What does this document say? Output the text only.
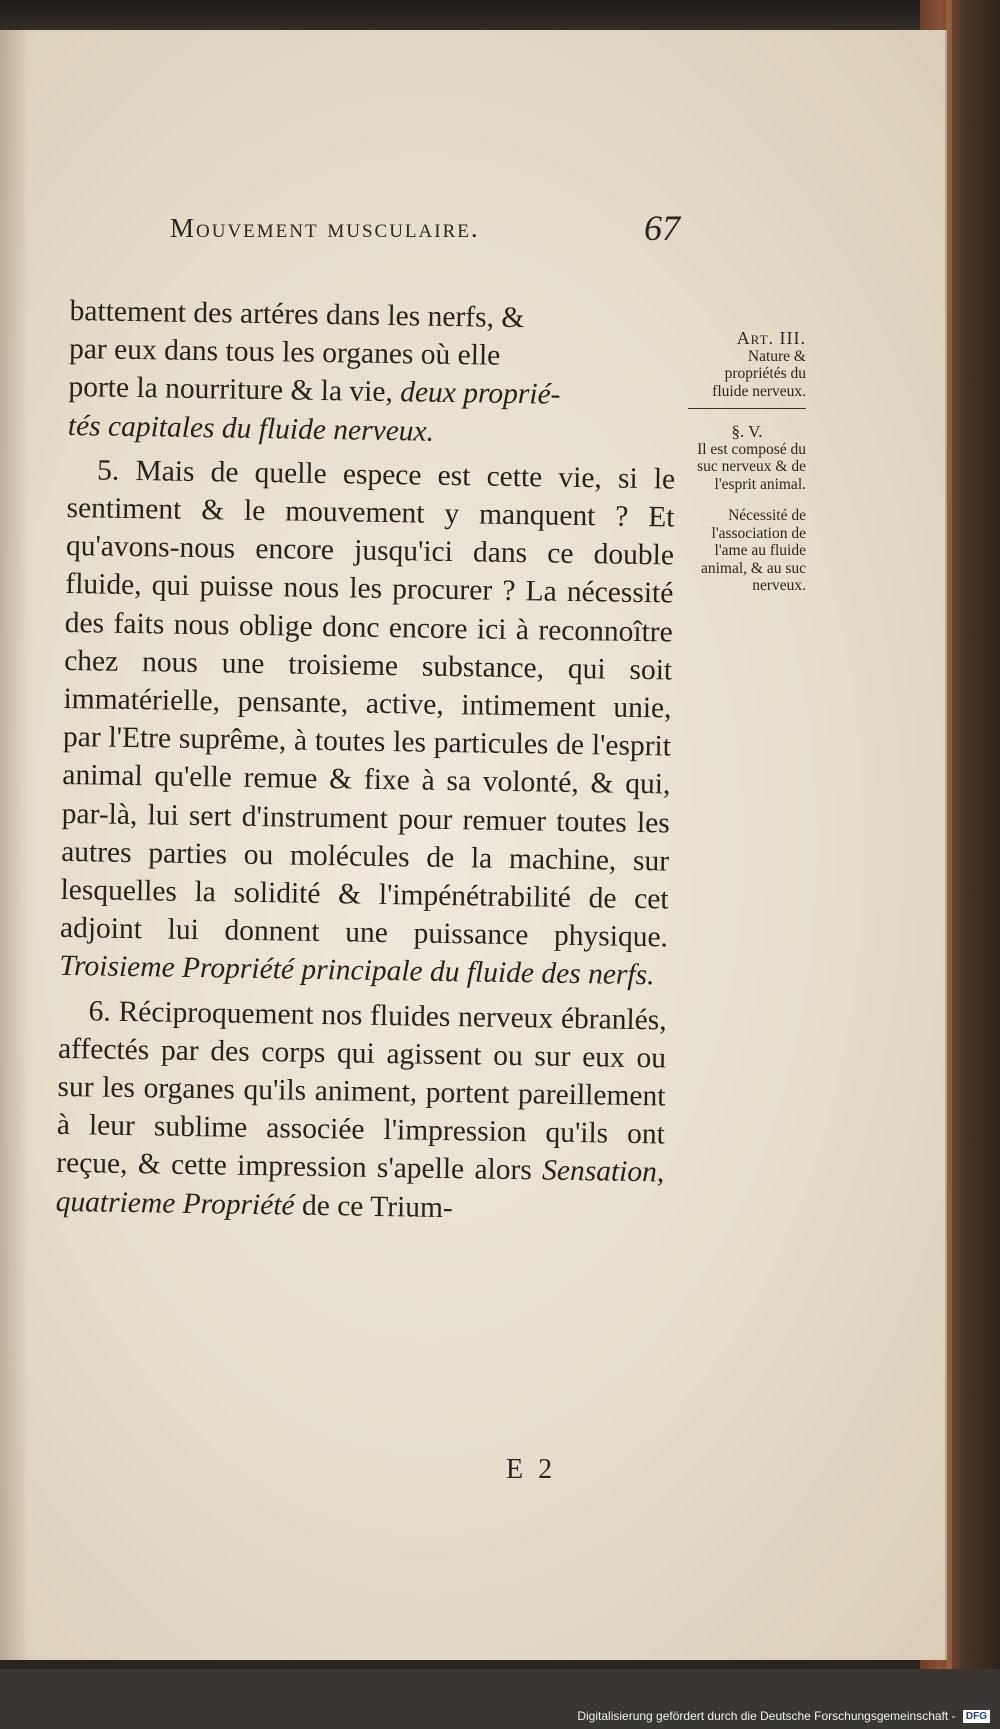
Mouvement musculaire.	67

battement des artéres dans les nerfs, &

par eux dans tous les organes où elle

porte la nourriture & la vie, deux proprié-

tés capitales du fluide nerveux.

5. Mais de quelle espece est cette vie, si le sentiment & le mouvement y manquent ? Et qu'avons-nous encore jusqu'ici dans ce double fluide, qui puisse nous les procurer ? La nécessité des faits nous oblige donc encore ici à reconnoître chez nous une troisieme substance, qui soit immatérielle, pensante, active, intimement unie, par l'Etre suprême, à toutes les particules de l'esprit animal qu'elle remue & fixe à sa volonté, & qui, par-là, lui sert d'instrument pour remuer toutes les autres parties ou molécules de la machine, sur lesquelles la solidité & l'impénétrabilité de cet adjoint lui donnent une puissance physique. Troisieme Propriété principale du fluide des nerfs.

6. Réciproquement nos fluides nerveux ébranlés, affectés par des corps qui agissent ou sur eux ou sur les organes qu'ils animent, portent pareillement à leur sublime associée l'impression qu'ils ont reçue, & cette impression s'apelle alors Sensation, quatrieme Propriété de ce Trium-

Art. III.
Nature & propriétés du fluide nerveux.
§. V.
Il est composé du suc nerveux & de l'esprit animal.
Nécessité de l'association de l'ame au fluide animal, & au suc nerveux.
E 2
Digitalisierung gefördert durch die Deutsche Forschungsgemeinschaft - DFG
